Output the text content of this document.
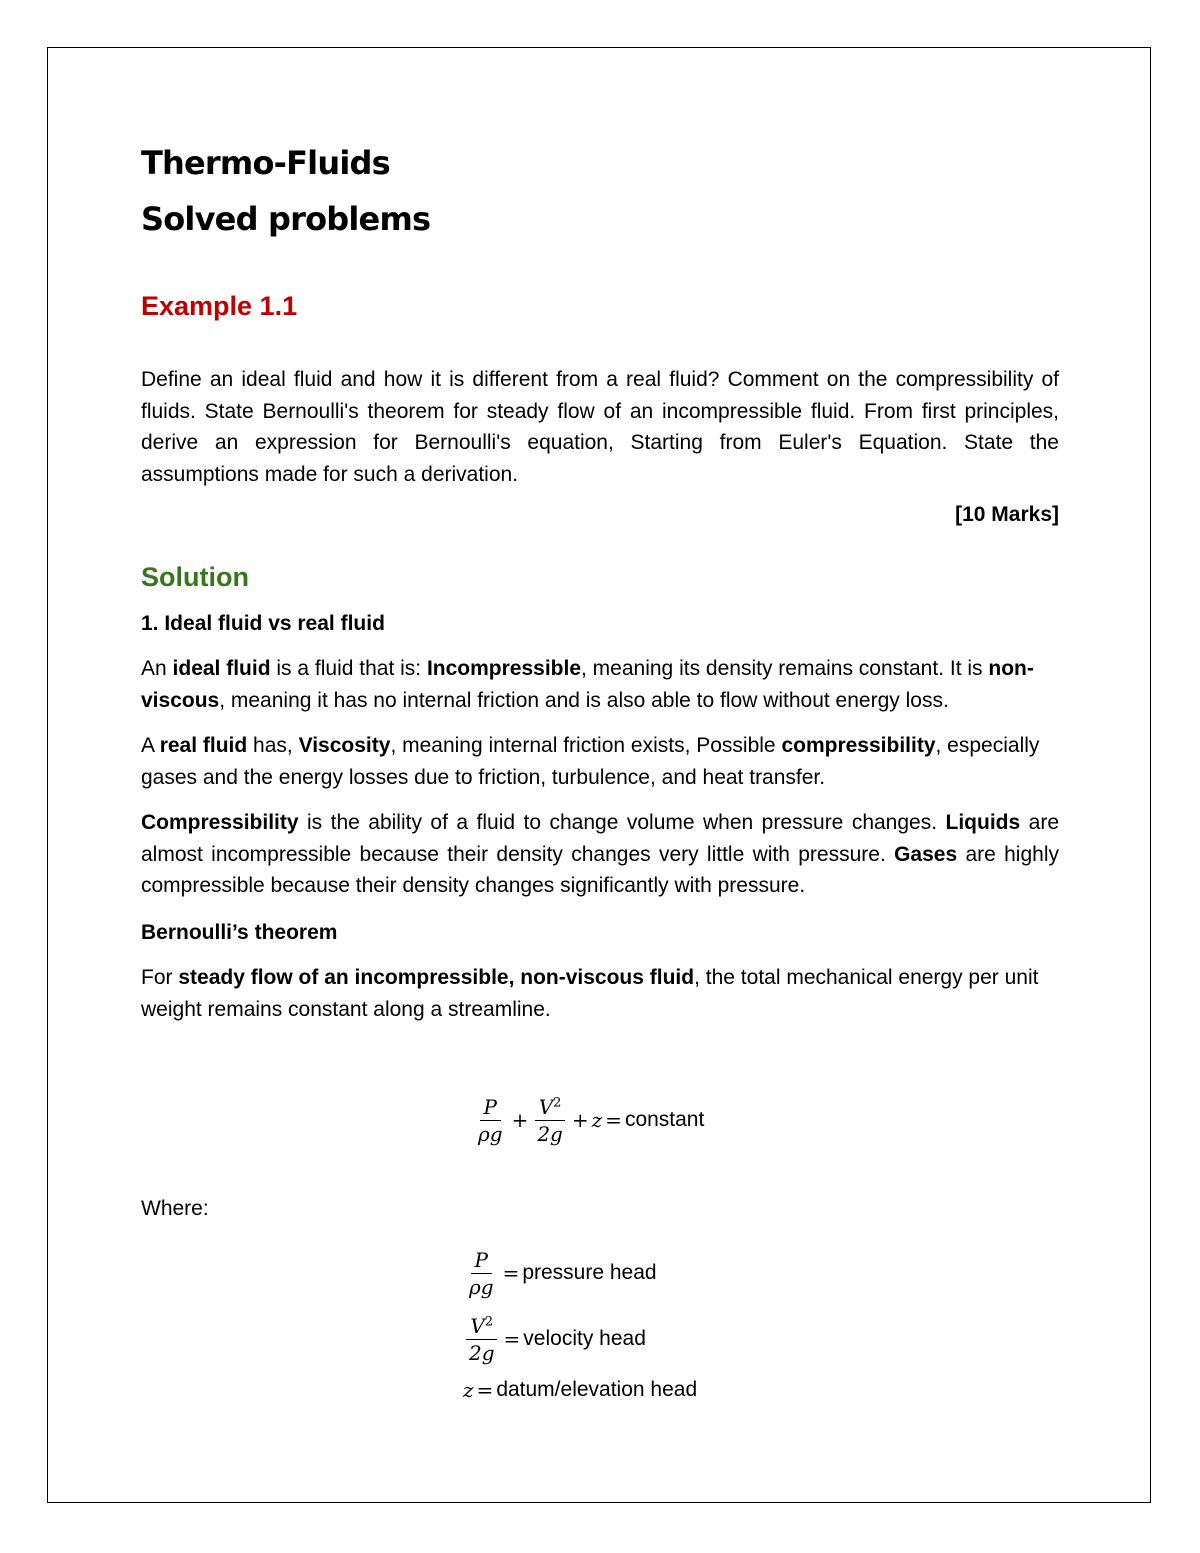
Thermo-Fluids
Solved problems
Example 1.1

Define an ideal fluid and how it is different from a real fluid? Comment on the compressibility of fluids. State Bernoulli's theorem for steady flow of an incompressible fluid. From first principles, derive an expression for Bernoulli's equation, Starting from Euler's Equation. State the assumptions made for such a derivation.

[10 Marks]

Solution

1. Ideal fluid vs real fluid

An ideal fluid is a fluid that is: Incompressible, meaning its density remains constant. It is non-viscous, meaning it has no internal friction and is also able to flow without energy loss.

A real fluid has, Viscosity, meaning internal friction exists, Possible compressibility, especially gases and the energy losses due to friction, turbulence, and heat transfer.

Compressibility is the ability of a fluid to change volume when pressure changes. Liquids are almost incompressible because their density changes very little with pressure. Gases are highly compressible because their density changes significantly with pressure.

Bernoulli’s theorem

For steady flow of an incompressible, non-viscous fluid, the total mechanical energy per unit weight remains constant along a streamline.

$\frac{P}{\rho g} + \frac{V^2}{2g} + z$ = constant
Where:
$\frac{P}{\rho g}$ = pressure head
$\frac{V^2}{2g}$ = velocity head
z = datum/elevation head
